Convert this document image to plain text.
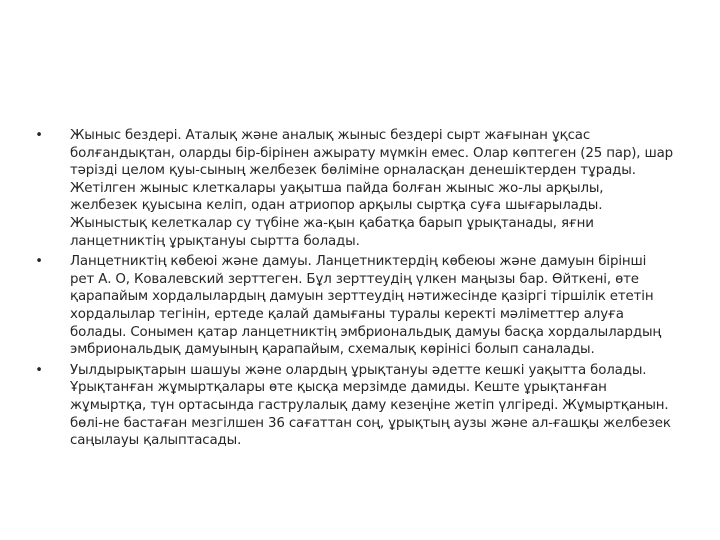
• Жыныс бездері. Аталық және аналық жыныс бездері сырт жағынан ұқсас болғандықтан, оларды бір-бірінен ажырату мүмкін емес. Олар көптеген (25 пар), шар тәрізді целом қуы-сының желбезек бөліміне орналасқан денешіктерден тұрады. Жетілген жыныс клеткалары уақытша пайда болған жыныс жо-лы арқылы, желбезек қуысына келіп, одан атриопор арқылы сыртқа суға шығарылады. Жыныстық келеткалар су түбіне жа-қын қабатқа барып ұрықтанады, яғни ланцетниктің ұрықтануы сыртта болады.
• Ланцетниктің көбеюі және дамуы. Ланцетниктердің көбеюы және дамуын бірінші рет А. О, Ковалевский зерттеген. Бұл зерттеудің үлкен маңызы бар. Өйткені, өте қарапайым хордалылардың дамуын зерттеудің нәтижесінде қазіргі тіршілік ететін хордалылар тегінін, ертеде қалай дамығаны туралы керекті мәліметтер алуға болады. Сонымен қатар ланцетниктің эмбриональдық дамуы басқа хордалылардың эмбриональдық дамуының қарапайым, схемалық көрінісі болып саналады.
• Уылдырықтарын шашуы және олардың ұрықтануы әдетте кешкі уақытта болады. Ұрықтанған жұмыртқалары өте қысқа мерзімде дамиды. Кеште ұрықтанған жұмыртқа, түн ортасында гаструлалық даму кезеңіне жетіп үлгіреді. Жұмыртқанын. бөлі-не бастаған мезгілшен 36 сағаттан соң, ұрықтың аузы және ал-ғашқы желбезек саңылауы қалыптасады.
